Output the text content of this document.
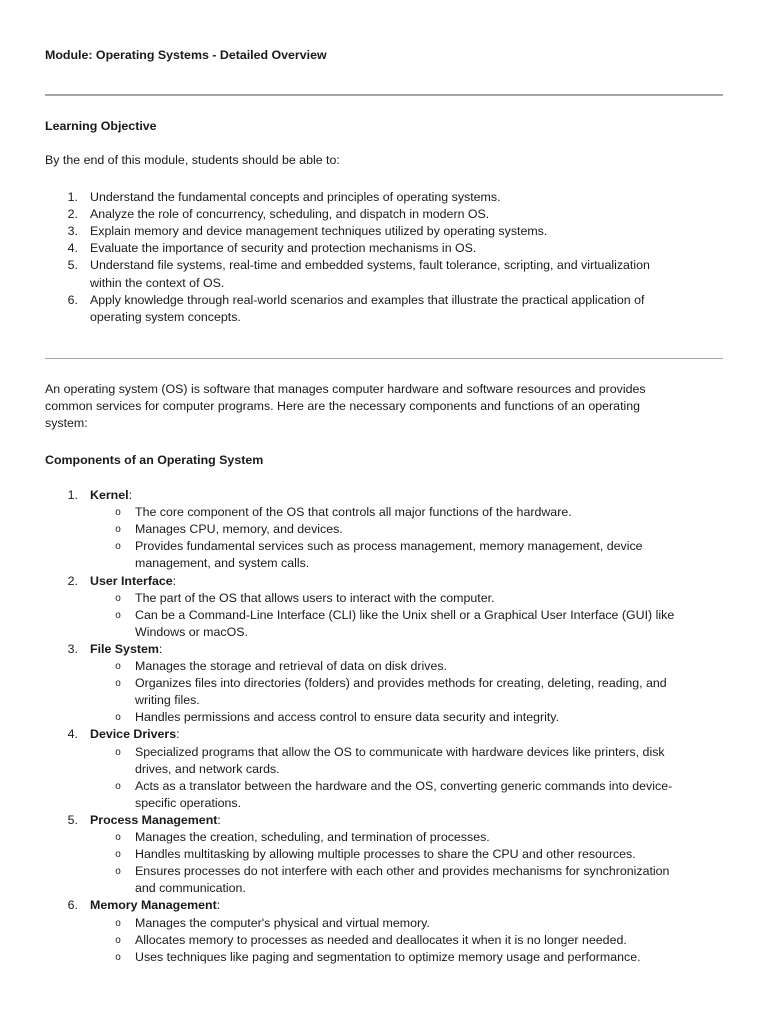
Module: Operating Systems - Detailed Overview
Learning Objective
By the end of this module, students should be able to:
1. Understand the fundamental concepts and principles of operating systems.
2. Analyze the role of concurrency, scheduling, and dispatch in modern OS.
3. Explain memory and device management techniques utilized by operating systems.
4. Evaluate the importance of security and protection mechanisms in OS.
5. Understand file systems, real-time and embedded systems, fault tolerance, scripting, and virtualization
within the context of OS.
6. Apply knowledge through real-world scenarios and examples that illustrate the practical application of
operating system concepts.
An operating system (OS) is software that manages computer hardware and software resources and provides
common services for computer programs. Here are the necessary components and functions of an operating
system:
Components of an Operating System
1. Kernel:
o The core component of the OS that controls all major functions of the hardware.
o Manages CPU, memory, and devices.
o Provides fundamental services such as process management, memory management, device
management, and system calls.
2. User Interface:
o The part of the OS that allows users to interact with the computer.
o Can be a Command-Line Interface (CLI) like the Unix shell or a Graphical User Interface (GUI) like
Windows or macOS.
3. File System:
o Manages the storage and retrieval of data on disk drives.
o Organizes files into directories (folders) and provides methods for creating, deleting, reading, and
writing files.
o Handles permissions and access control to ensure data security and integrity.
4. Device Drivers:
o Specialized programs that allow the OS to communicate with hardware devices like printers, disk
drives, and network cards.
o Acts as a translator between the hardware and the OS, converting generic commands into device-
specific operations.
5. Process Management:
o Manages the creation, scheduling, and termination of processes.
o Handles multitasking by allowing multiple processes to share the CPU and other resources.
o Ensures processes do not interfere with each other and provides mechanisms for synchronization
and communication.
6. Memory Management:
o Manages the computer's physical and virtual memory.
o Allocates memory to processes as needed and deallocates it when it is no longer needed.
o Uses techniques like paging and segmentation to optimize memory usage and performance.
